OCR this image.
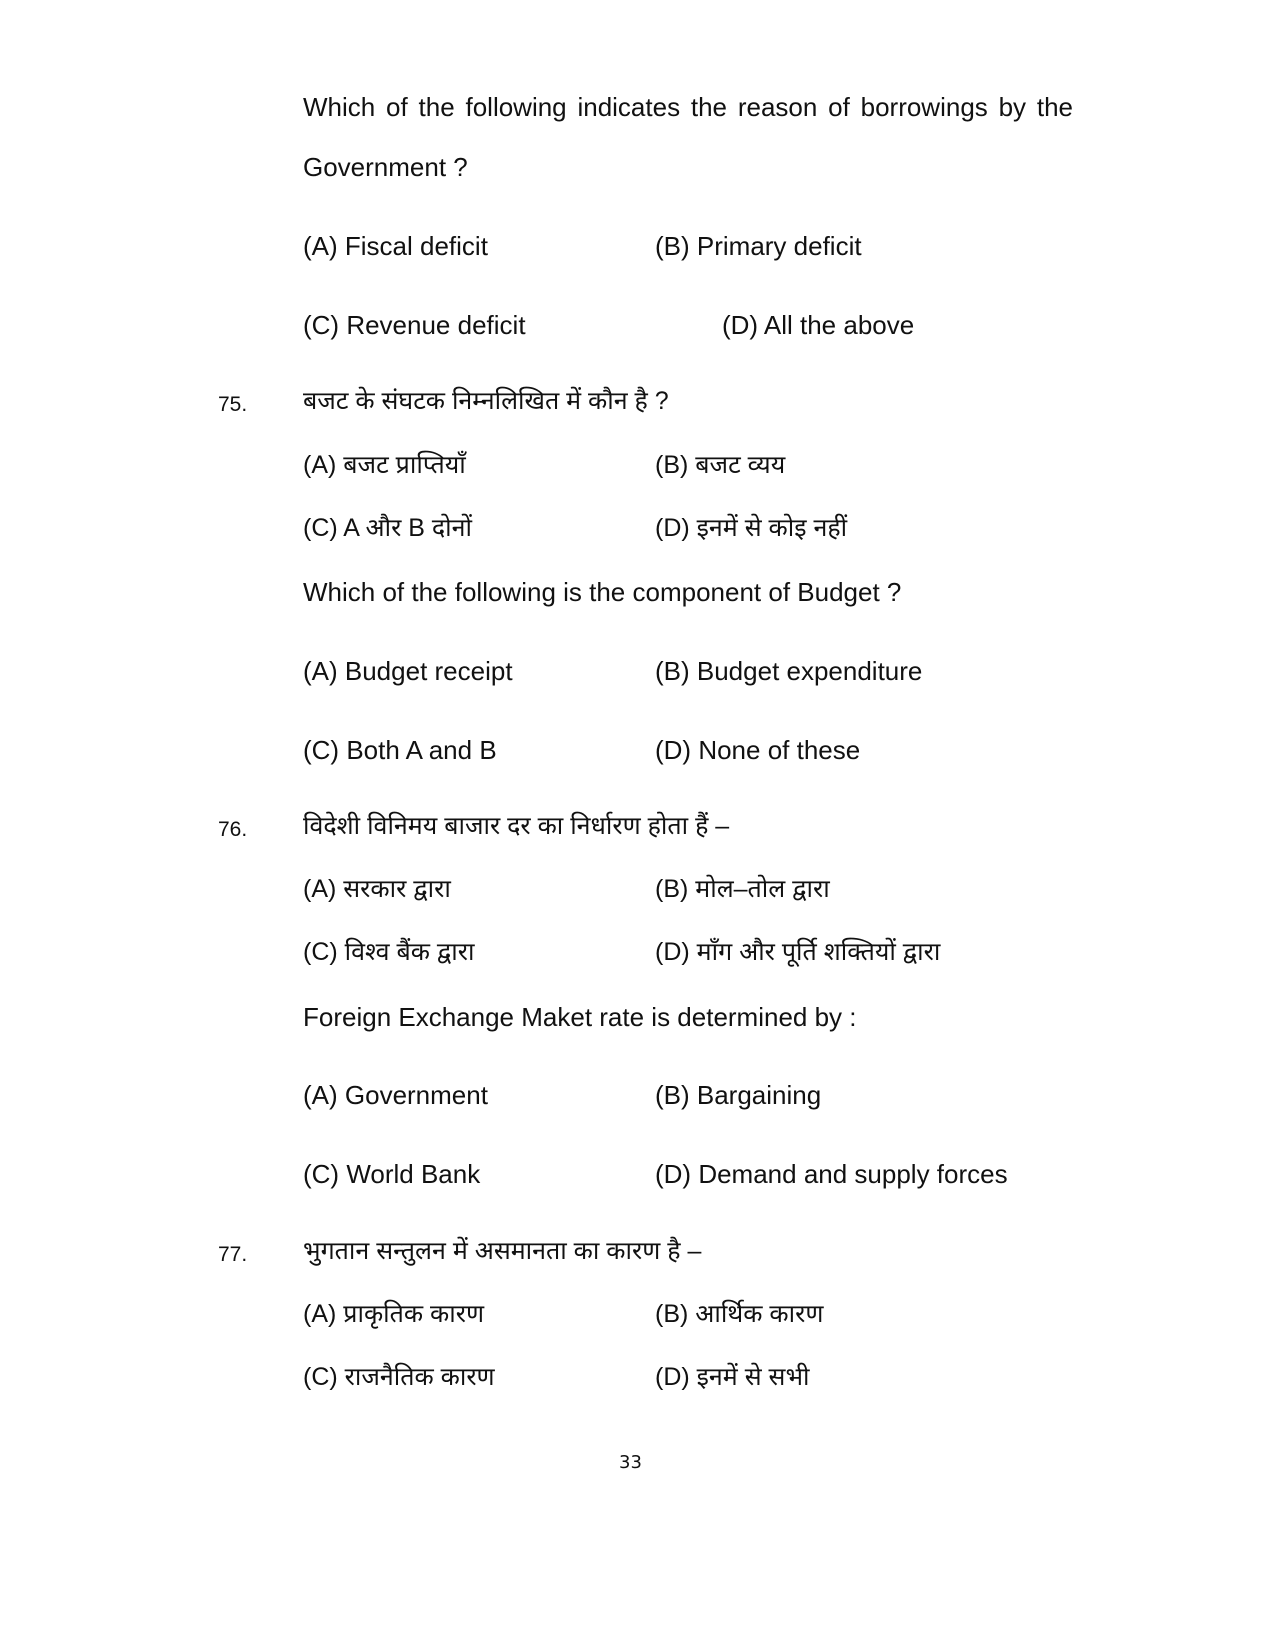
Which of the following indicates the reason of borrowings by the
Government ?
(A) Fiscal deficit	(B) Primary deficit
(C) Revenue deficit	(D) All the above
75. बजट के संघटक निम्नलिखित में कौन है ?
(A) बजट प्राप्तियाँ	(B) बजट व्यय
(C) A और B दोनों	(D) इनमें से कोइ नहीं
Which of the following is the component of Budget ?
(A) Budget receipt	(B) Budget expenditure
(C) Both A and B	(D) None of these
76. विदेशी विनिमय बाजार दर का निर्धारण होता हैं –
(A) सरकार द्वारा	(B) मोल–तोल द्वारा
(C) विश्व बैंक द्वारा	(D) माँग और पूर्ति शक्तियों द्वारा
Foreign Exchange Maket rate is determined by :
(A) Government	(B) Bargaining
(C) World Bank	(D) Demand and supply forces
77. भुगतान सन्तुलन में असमानता का कारण है –
(A) प्राकृतिक कारण	(B) आर्थिक कारण
(C) राजनैतिक कारण	(D) इनमें से सभी
33
